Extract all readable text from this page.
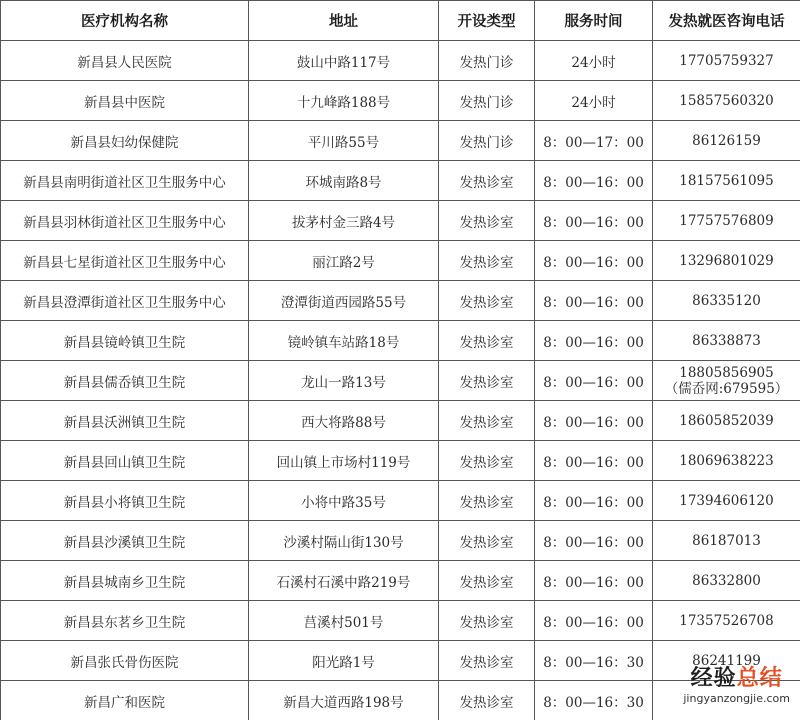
医疗机构名称	地址	开设类型	服务时间	发热就医咨询电话
新昌县人民医院	鼓山中路117号	发热门诊	24小时	17705759327

新昌县中医院	十九峰路188号	发热门诊	24小时	15857560320

新昌县妇幼保健院	平川路55号	发热门诊	8：00—17：00	86126159

新昌县南明街道社区卫生服务中心	环城南路8号	发热诊室	8：00—16：00	18157561095

新昌县羽林街道社区卫生服务中心	拔茅村金三路4号	发热诊室	8：00—16：00	17757576809

新昌县七星街道社区卫生服务中心	丽江路2号	发热诊室	8：00—16：00	13296801029

新昌县澄潭街道社区卫生服务中心	澄潭街道西园路55号	发热诊室	8：00—16：00	86335120

新昌县镜岭镇卫生院	镜岭镇车站路18号	发热诊室	8：00—16：00	86338873

新昌县儒岙镇卫生院	龙山一路13号	发热诊室	8：00—16：00	18805856905
（儒岙网:679595）

新昌县沃洲镇卫生院	西大将路88号	发热诊室	8：00—16：00	18605852039

新昌县回山镇卫生院	回山镇上市场村119号	发热诊室	8：00—16：00	18069638223

新昌县小将镇卫生院	小将中路35号	发热诊室	8：00—16：00	17394606120

新昌县沙溪镇卫生院	沙溪村隔山街130号	发热诊室	8：00—16：00	86187013

新昌县城南乡卫生院	石溪村石溪中路219号	发热诊室	8：00—16：00	86332800

新昌县东茗乡卫生院	莒溪村501号	发热诊室	8：00—16：00	17357526708

新昌张氏骨伤医院	阳光路1号	发热诊室	8：00—16：30	86241199

新昌广和医院	新昌大道西路198号	发热诊室	8：00—16：30	
经验总结
jingyanzongjie.com
